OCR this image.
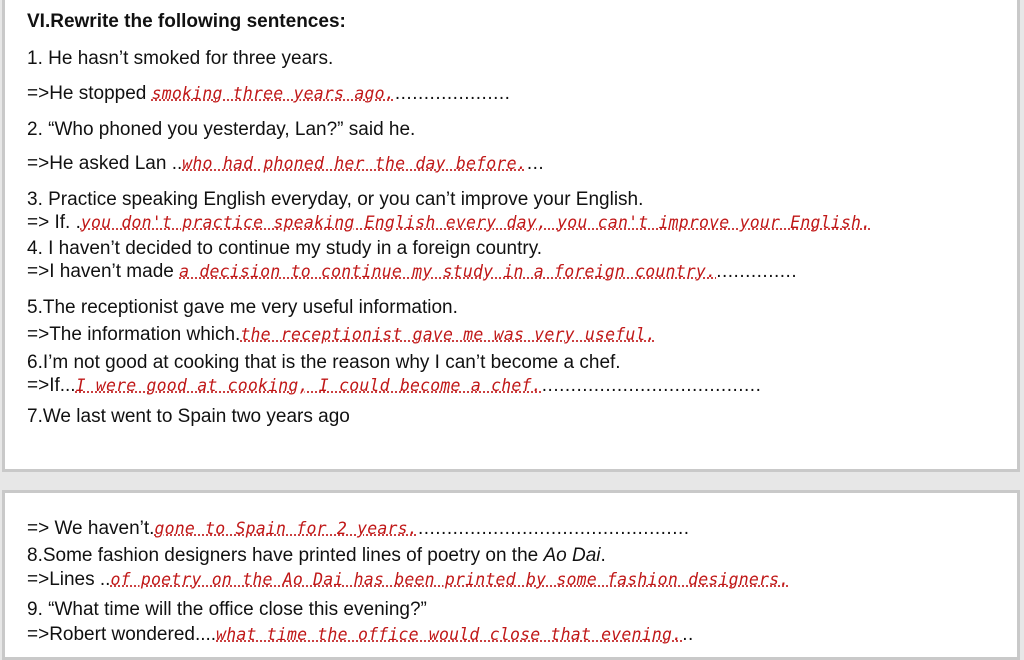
VI.Rewrite the following sentences:
1. He hasn’t smoked for three years.
=>He stopped smoking three years ago.....................
2. “Who phoned you yesterday, Lan?” said he.
=>He asked Lan ..who had phoned her the day before....
3. Practice speaking English everyday, or you can’t improve your English.
=> If. .you don't practice speaking English every day, you can't improve your English.
4. I haven’t decided to continue my study in a foreign country.
=>I haven’t made a decision to continue my study in a foreign country...............
5.The receptionist gave me very useful information.
=>The information which.the receptionist gave me was very useful.
6.I’m not good at cooking that is the reason why I can’t become a chef.
=>If...I were good at cooking, I could become a chef.......................................
7.We last went to Spain two years ago
=> We haven’t.gone to Spain for 2 years................................................
8.Some fashion designers have printed lines of poetry on the Ao Dai.
=>Lines ..of poetry on the Ao Dai has been printed by some fashion designers.
9. “What time will the office close this evening?”
=>Robert wondered....what time the office would close that evening...
